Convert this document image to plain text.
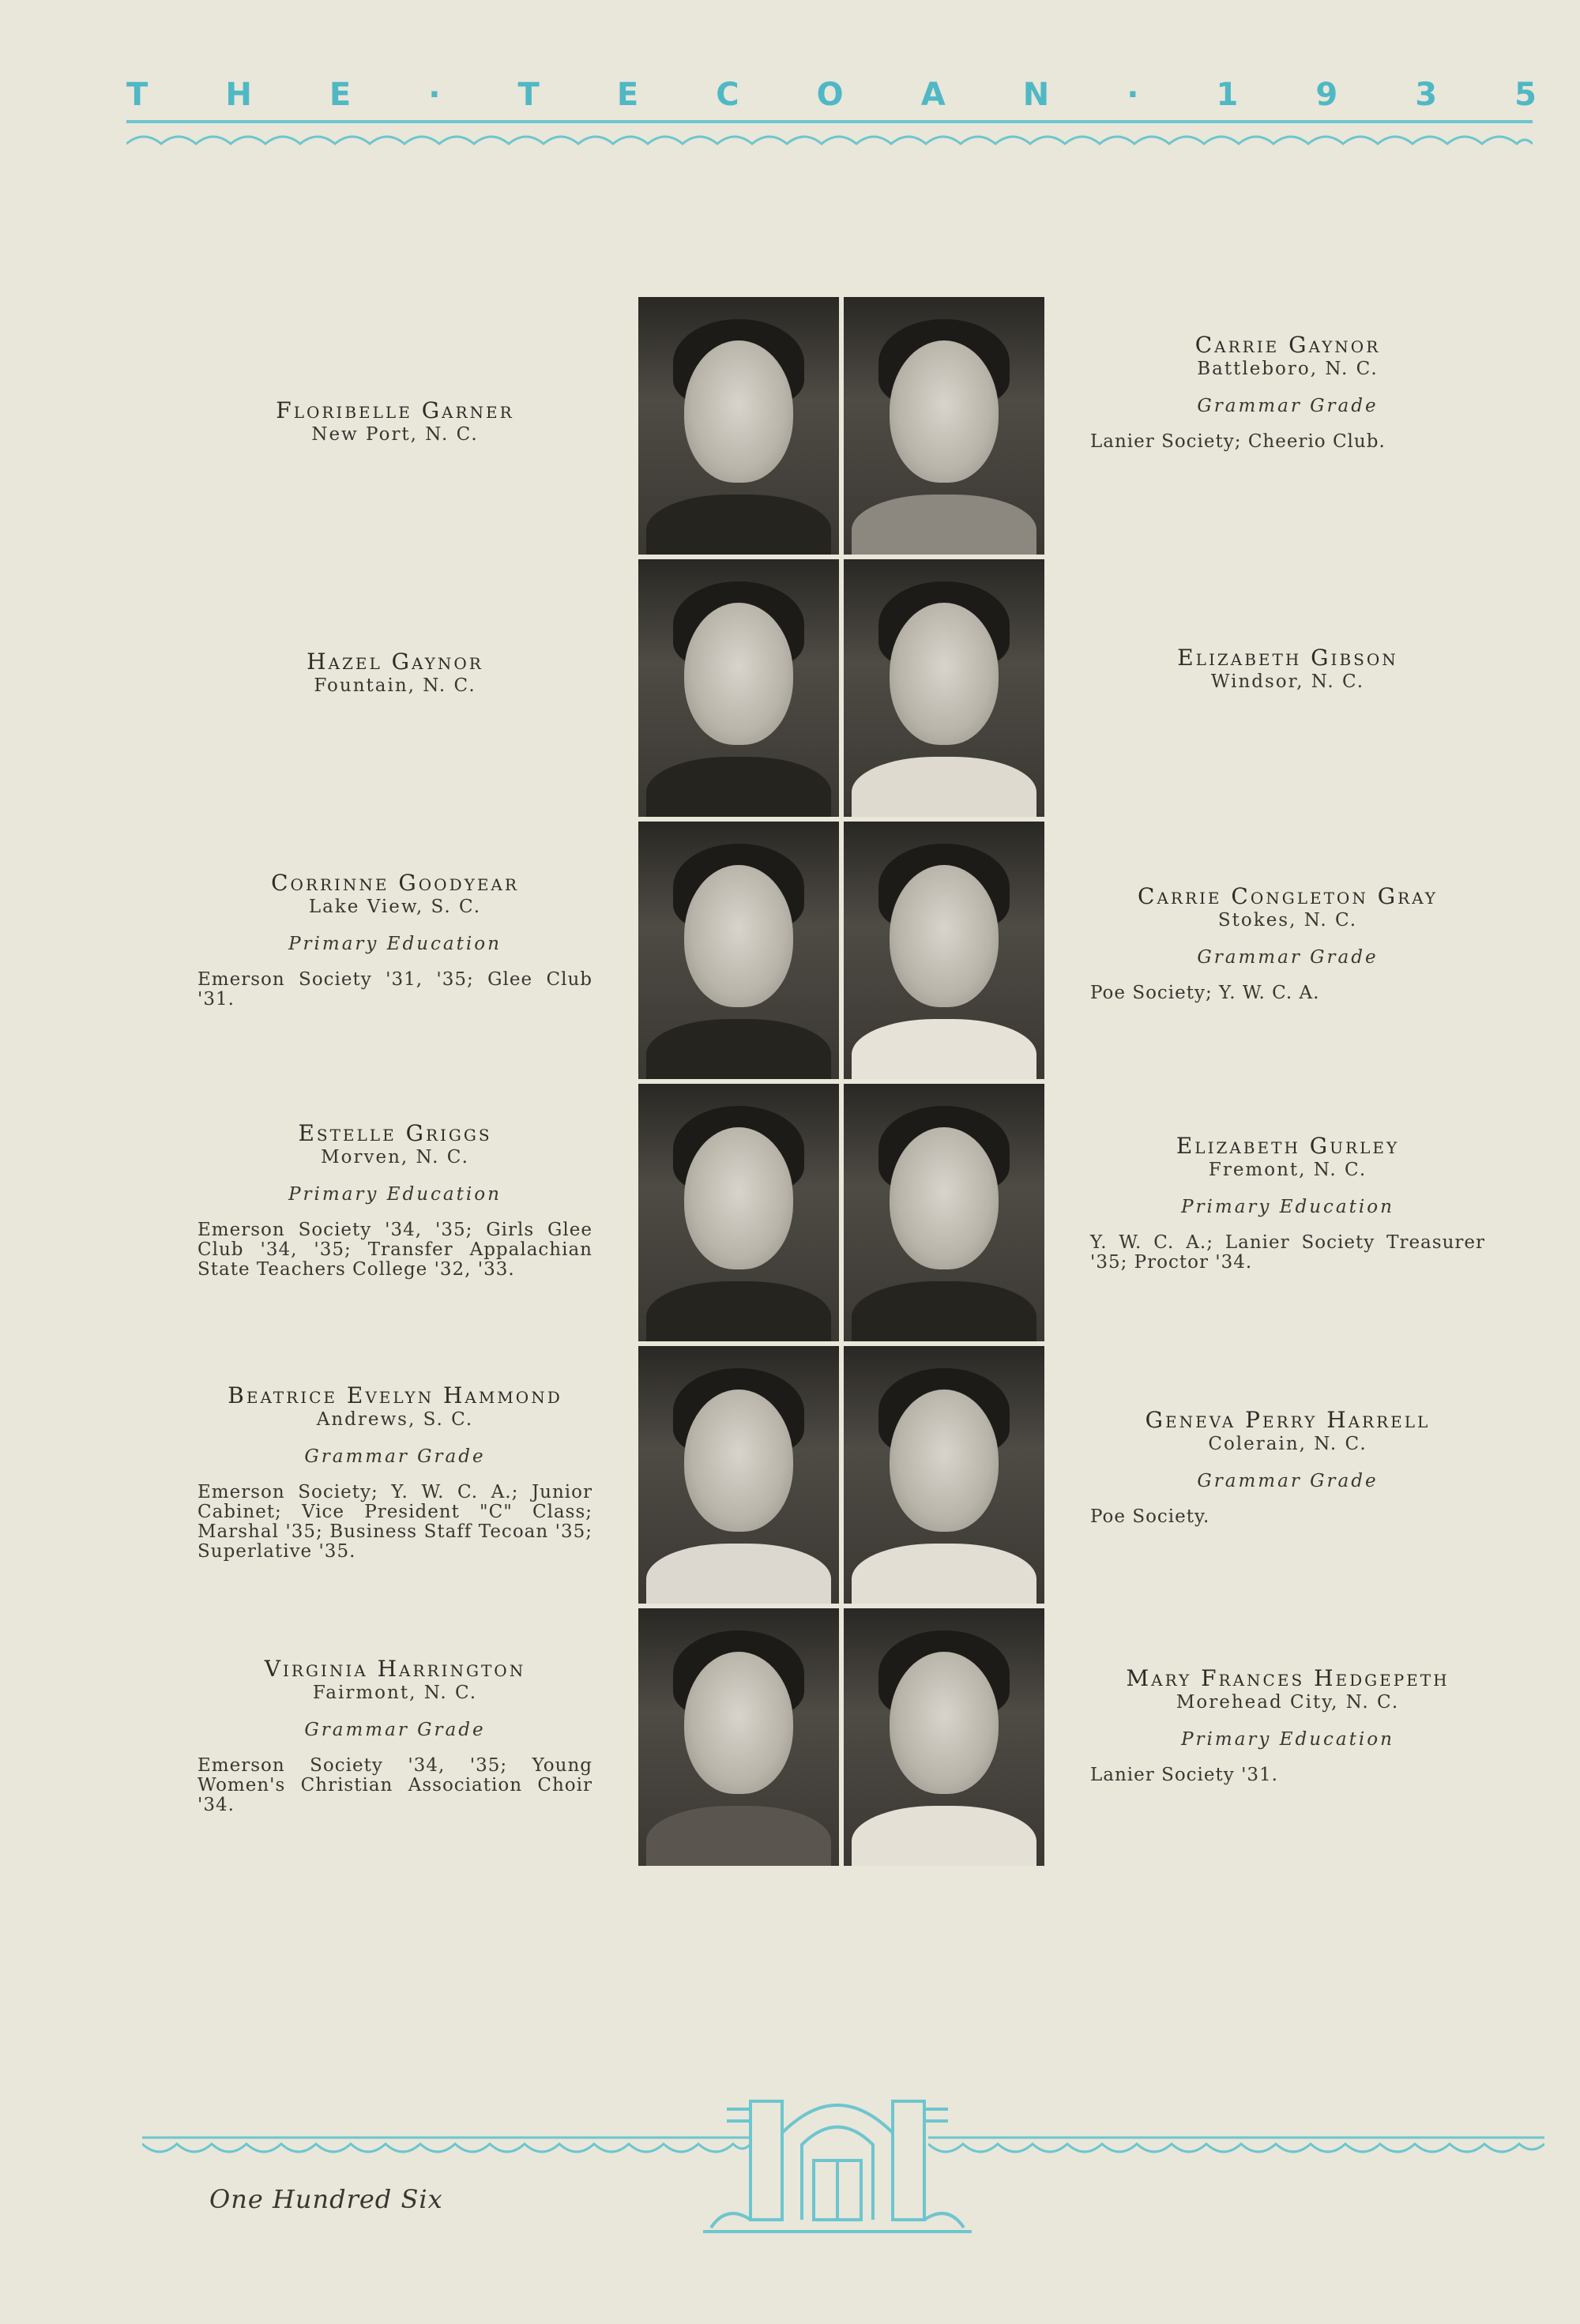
T H E · T E C O A N · 1 9 3 5
Floribelle Garner
New Port, N. C.
Hazel Gaynor
Fountain, N. C.
Corrinne Goodyear
Lake View, S. C.
Primary Education
Emerson Society '31, '35; Glee Club '31.
Estelle Griggs
Morven, N. C.
Primary Education
Emerson Society '34, '35; Girls Glee Club '34, '35; Transfer Appalachian State Teachers College '32, '33.
Beatrice Evelyn Hammond
Andrews, S. C.
Grammar Grade
Emerson Society; Y. W. C. A.; Junior Cabinet; Vice President "C" Class; Marshal '35; Business Staff Tecoan '35; Superlative '35.
Virginia Harrington
Fairmont, N. C.
Grammar Grade
Emerson Society '34, '35; Young Women's Christian Association Choir '34.
Carrie Gaynor
Battleboro, N. C.
Grammar Grade
Lanier Society; Cheerio Club.
Elizabeth Gibson
Windsor, N. C.
Carrie Congleton Gray
Stokes, N. C.
Grammar Grade
Poe Society; Y. W. C. A.
Elizabeth Gurley
Fremont, N. C.
Primary Education
Y. W. C. A.; Lanier Society Treasurer '35; Proctor '34.
Geneva Perry Harrell
Colerain, N. C.
Grammar Grade
Poe Society.
Mary Frances Hedgepeth
Morehead City, N. C.
Primary Education
Lanier Society '31.
One Hundred Six
